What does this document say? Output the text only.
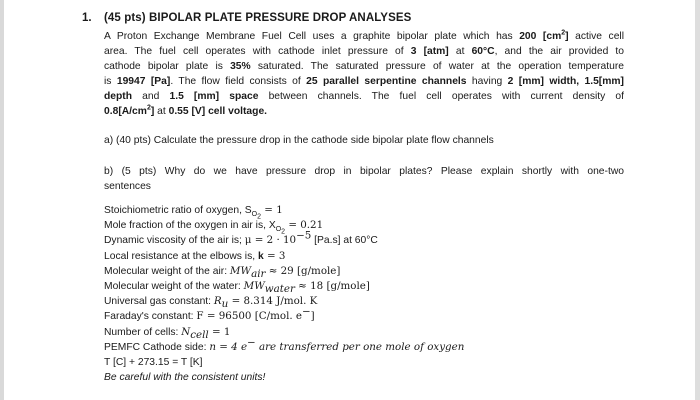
1. (45 pts) BIPOLAR PLATE PRESSURE DROP ANALYSES
A Proton Exchange Membrane Fuel Cell uses a graphite bipolar plate which has 200 $[cm^2]$ active cell
area. The fuel cell operates with cathode inlet pressure of 3 [atm] at 60°C, and the air provided to
cathode bipolar plate is 35% saturated. The saturated pressure of water at the operation temperature
is 19947 [Pa]. The flow field consists of 25 parallel serpentine channels having 2 [mm] width, 1.5[mm]
depth and 1.5 [mm] space between channels. The fuel cell operates with current density of
$0.8[A/cm^2]$ at 0.55 [V] cell voltage.
a) (40 pts) Calculate the pressure drop in the cathode side bipolar plate flow channels
b) (5 pts) Why do we have pressure drop in bipolar plates? Please explain shortly with one-two
sentences
Stoichiometric ratio of oxygen, $S_{O_2} = 1$
Mole fraction of the oxygen in air is, $X_{O_2} = 0.21$
Dynamic viscosity of the air is; $\mu = 2 \cdot 10^{-5}$ [Pa.s] at 60°C
Local resistance at the elbows is, k = 3
Molecular weight of the air: $MW_{air} \approx 29$ [g/mole]
Molecular weight of the water: $MW_{water} \approx 18$ [g/mole]
Universal gas constant: $R_u = 8.314$ J/mol. K
Faraday's constant: F = 96500 [C/mol. e−]
Number of cells: $N_{cell} = 1$
PEMFC Cathode side: n = 4 e− are transferred per one mole of oxygen
T [C] + 273.15 = T [K]
Be careful with the consistent units!
